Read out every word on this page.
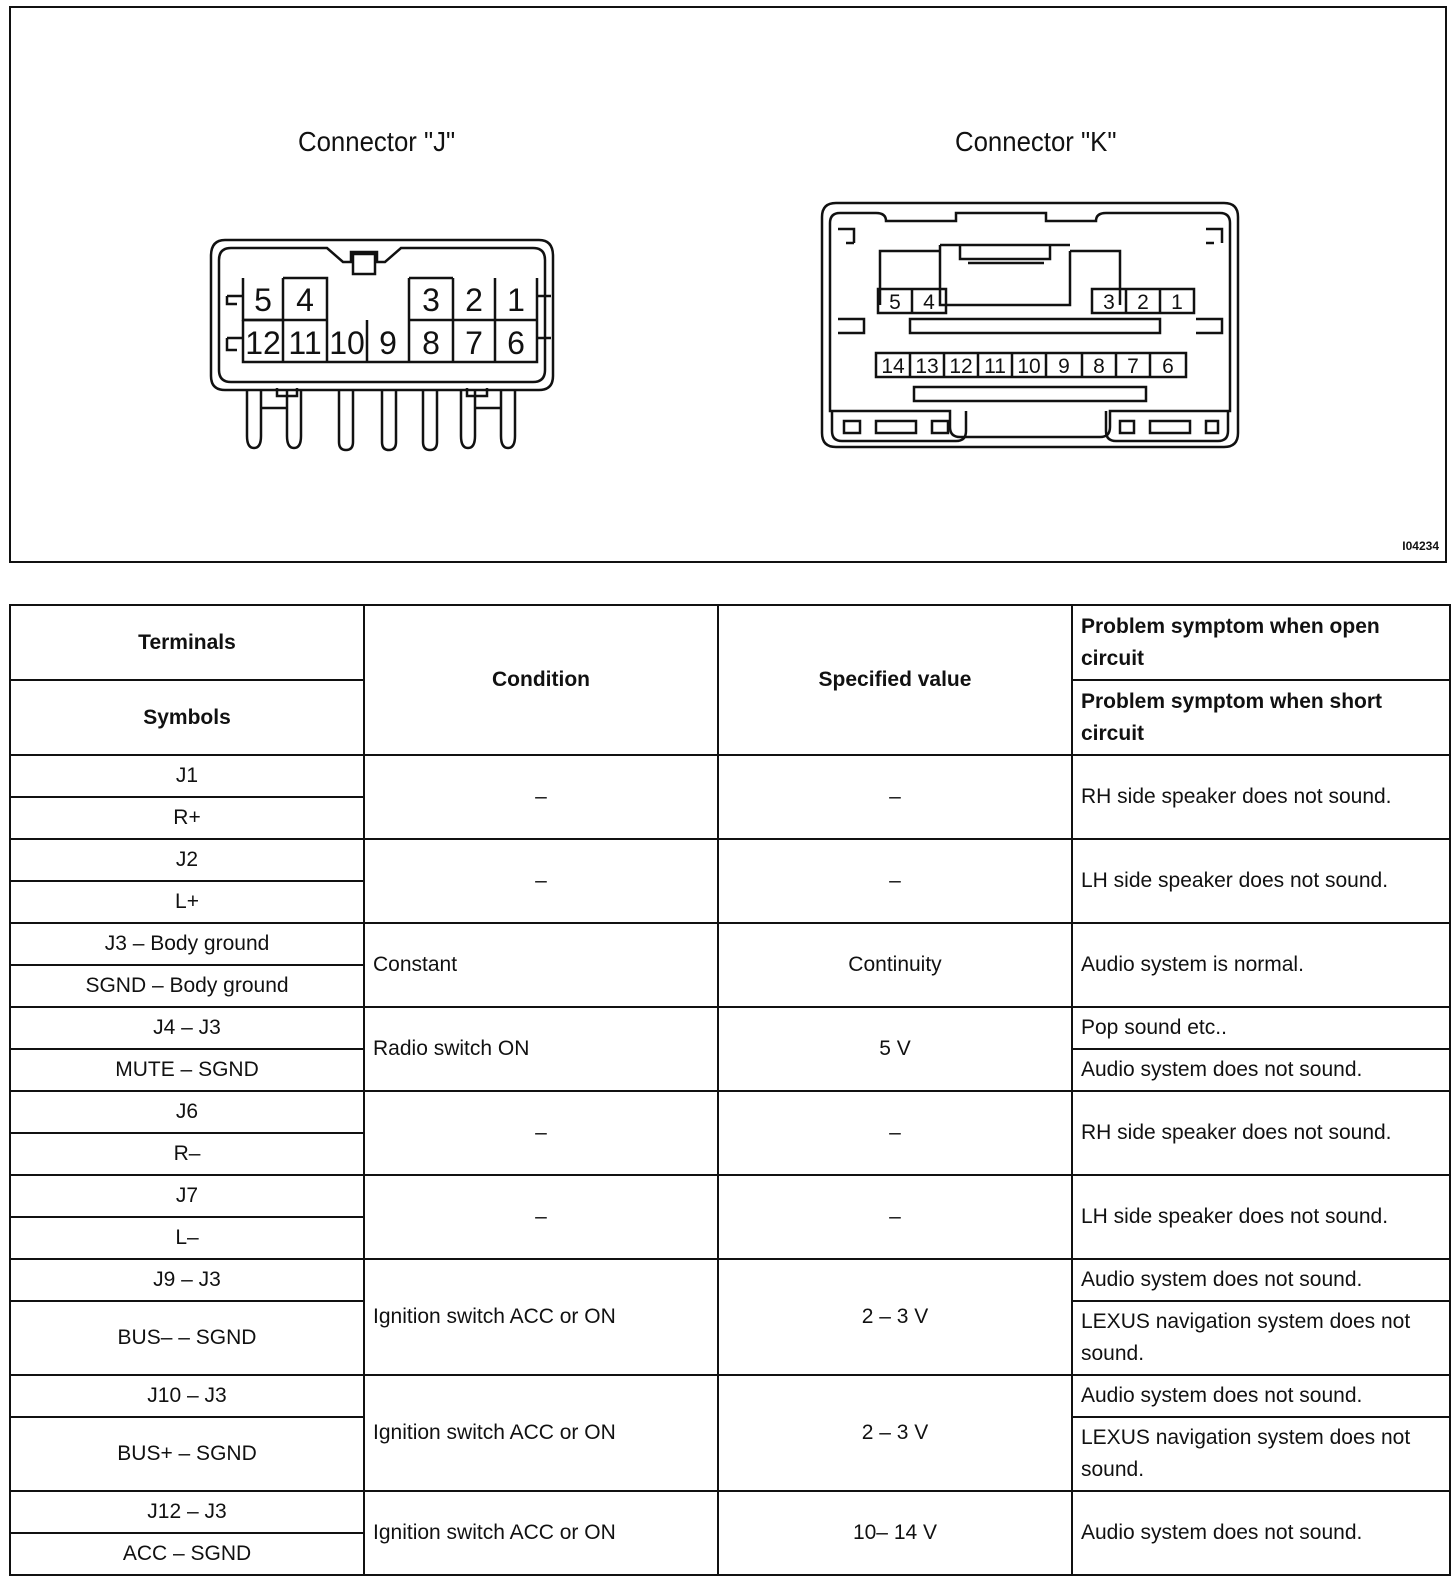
Connector "J"	Connector "K"
5 4	3 2 1
12 11 10 9 8 7 6
5 4	3 2 1
14 13 12 11 10 9 8 7 6
I04234
Terminals	Condition	Specified value	Problem symptom when open circuit
Symbols			Problem symptom when short circuit
J1	–	–	RH side speaker does not sound.
R+			
J2	–	–	LH side speaker does not sound.
L+			
J3 – Body ground	Constant	Continuity	Audio system is normal.
SGND – Body ground			
J4 – J3	Radio switch ON	5 V	Pop sound etc..
MUTE – SGND			Audio system does not sound.
J6	–	–	RH side speaker does not sound.
R–			
J7	–	–	LH side speaker does not sound.
L–			
J9 – J3	Ignition switch ACC or ON	2 – 3 V	Audio system does not sound.
BUS– – SGND			LEXUS navigation system does not sound.
J10 – J3	Ignition switch ACC or ON	2 – 3 V	Audio system does not sound.
BUS+ – SGND			LEXUS navigation system does not sound.
J12 – J3	Ignition switch ACC or ON	10– 14 V	Audio system does not sound.
ACC – SGND			
